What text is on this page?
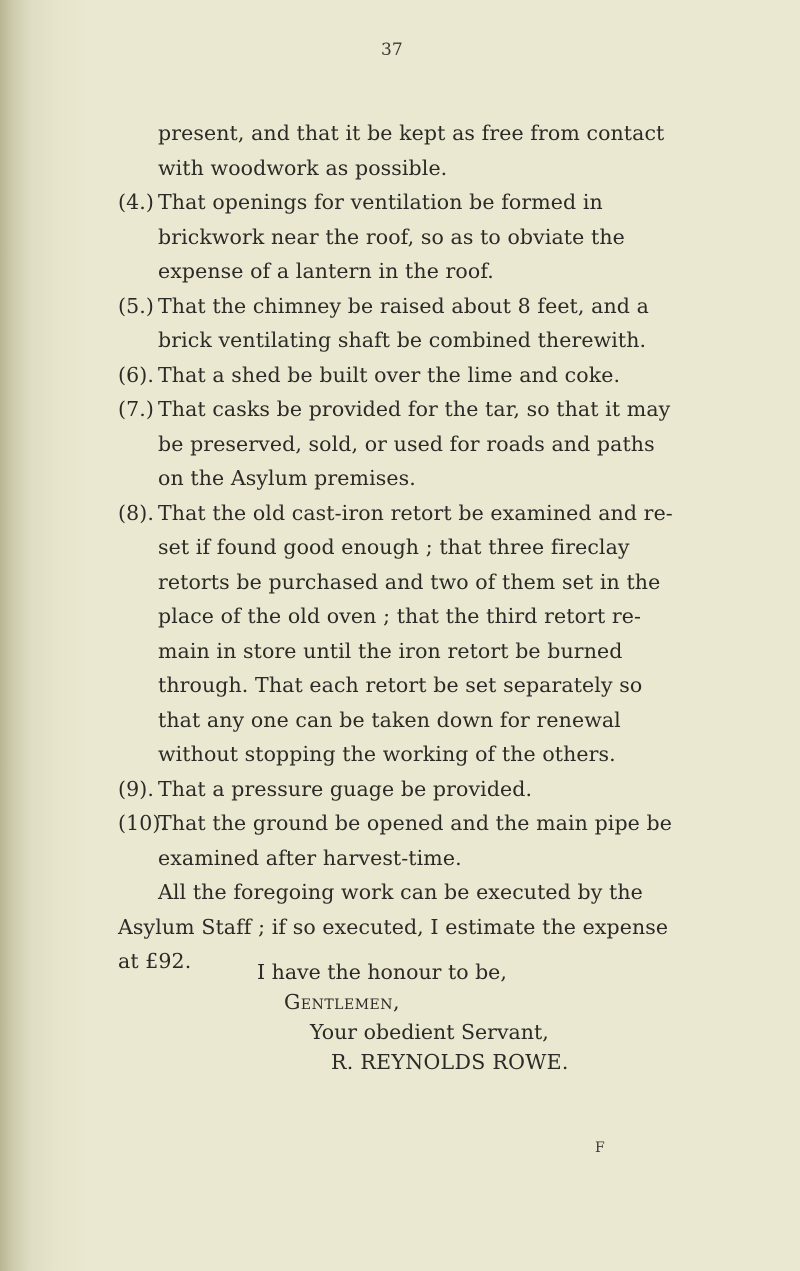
37

present, and that it be kept as free from contact with woodwork as possible.

(4.) That openings for ventilation be formed in brickwork near the roof, so as to obviate the expense of a lantern in the roof.

(5.) That the chimney be raised about 8 feet, and a brick ventilating shaft be combined therewith.

(6). That a shed be built over the lime and coke.

(7.) That casks be provided for the tar, so that it may be preserved, sold, or used for roads and paths on the Asylum premises.

(8). That the old cast-iron retort be examined and re-set if found good enough ; that three fireclay retorts be purchased and two of them set in the place of the old oven ; that the third retort re-main in store until the iron retort be burned through. That each retort be set separately so that any one can be taken down for renewal without stopping the working of the others.

(9). That a pressure guage be provided.

(10).
That the ground be opened and the main pipe be examined after harvest-time.

All the foregoing work can be executed by the Asylum Staff ; if so executed, I estimate the expense at £92.	I have the honour to be,
Gentlemen,
Your obedient Servant,
R. REYNOLDS ROWE.
F
